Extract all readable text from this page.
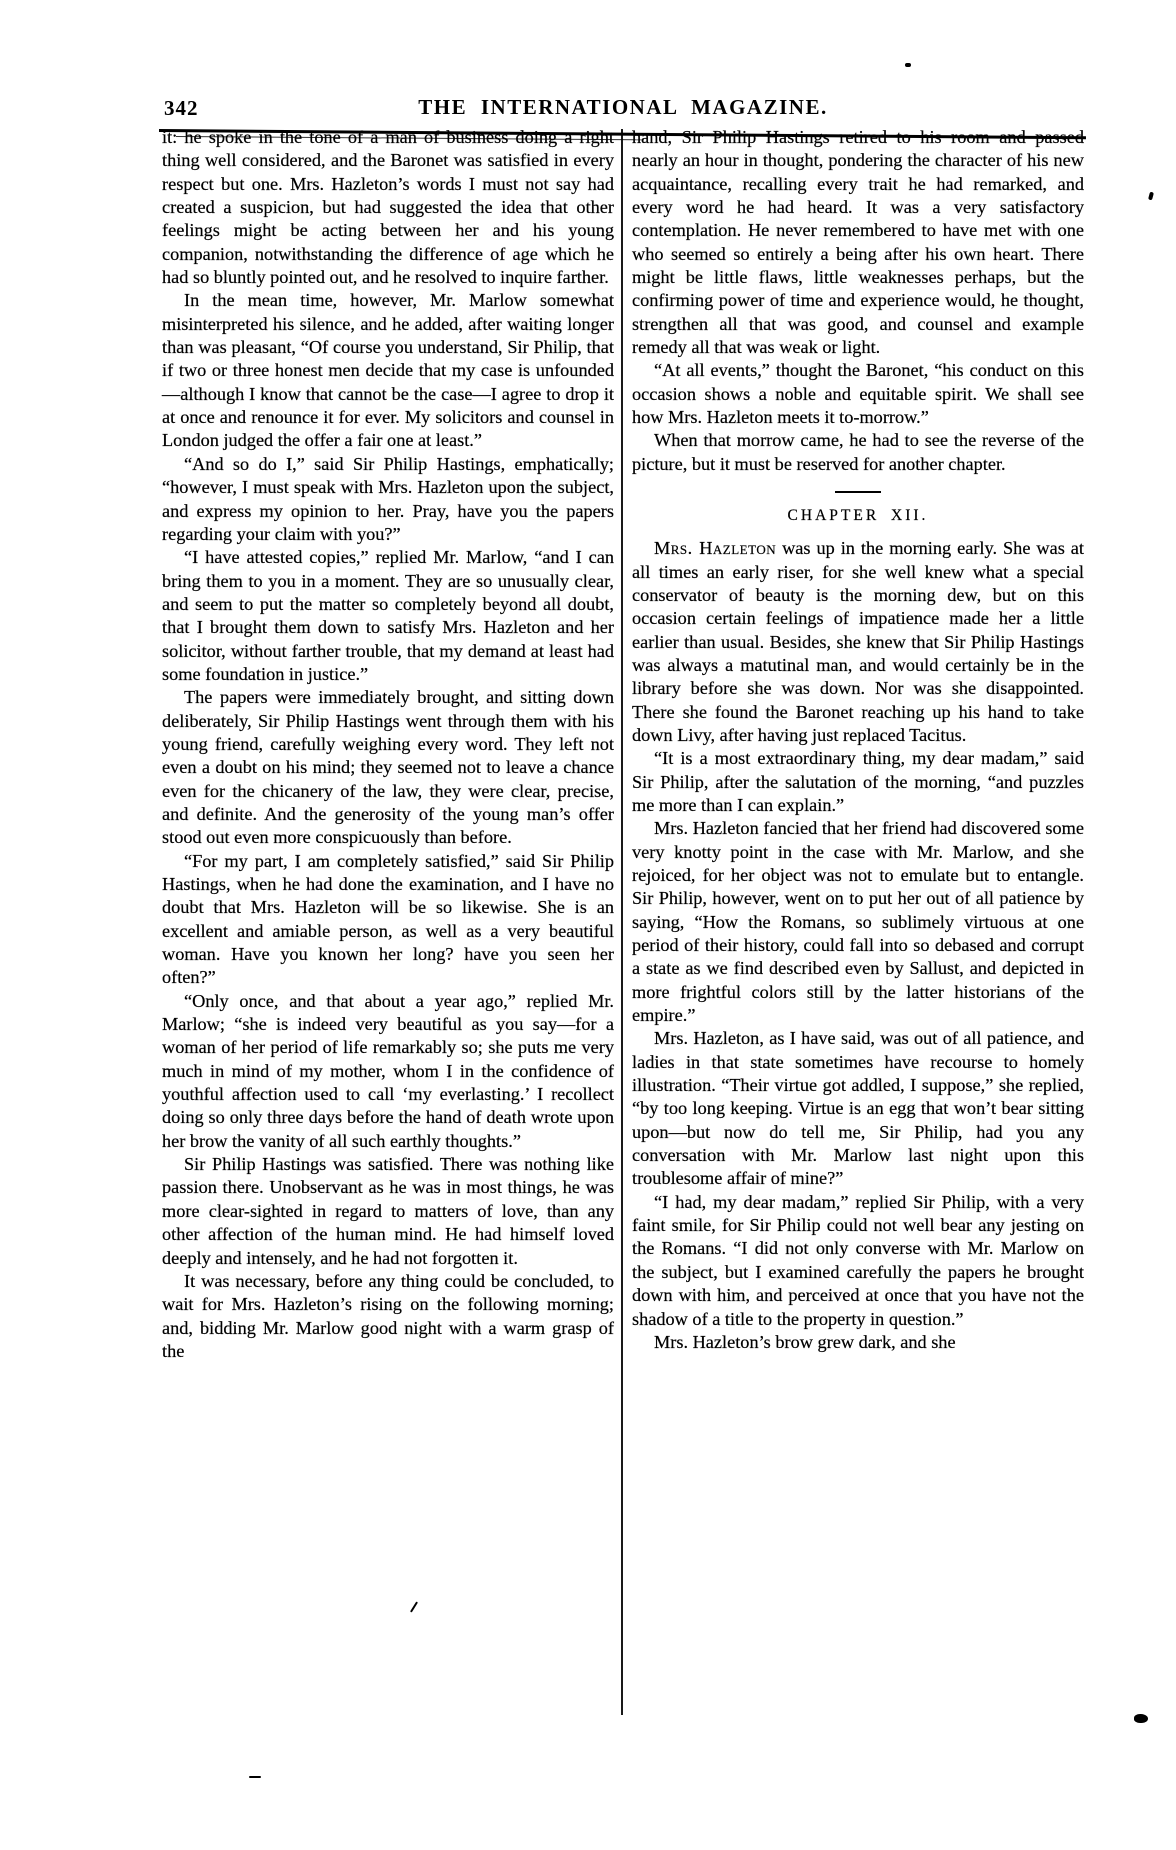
342	THE INTERNATIONAL MAGAZINE.

it: he spoke in the tone of a man of business doing a right thing well considered, and the Baronet was satisfied in every respect but one. Mrs. Hazleton’s words I must not say had created a suspicion, but had suggested the idea that other feelings might be acting between her and his young companion, notwithstanding the difference of age which he had so bluntly pointed out, and he resolved to inquire farther.

In the mean time, however, Mr. Marlow somewhat misinterpreted his silence, and he added, after waiting longer than was pleasant, “Of course you understand, Sir Philip, that if two or three honest men decide that my case is unfounded—although I know that cannot be the case—I agree to drop it at once and renounce it for ever. My solicitors and counsel in London judged the offer a fair one at least.”

“And so do I,” said Sir Philip Hastings, emphatically; “however, I must speak with Mrs. Hazleton upon the subject, and express my opinion to her. Pray, have you the papers regarding your claim with you?”

“I have attested copies,” replied Mr. Marlow, “and I can bring them to you in a moment. They are so unusually clear, and seem to put the matter so completely beyond all doubt, that I brought them down to satisfy Mrs. Hazleton and her solicitor, without farther trouble, that my demand at least had some foundation in justice.”

The papers were immediately brought, and sitting down deliberately, Sir Philip Hastings went through them with his young friend, carefully weighing every word. They left not even a doubt on his mind; they seemed not to leave a chance even for the chicanery of the law, they were clear, precise, and definite. And the generosity of the young man’s offer stood out even more conspicuously than before.

“For my part, I am completely satisfied,” said Sir Philip Hastings, when he had done the examination, and I have no doubt that Mrs. Hazleton will be so likewise. She is an excellent and amiable person, as well as a very beautiful woman. Have you known her long? have you seen her often?”

“Only once, and that about a year ago,” replied Mr. Marlow; “she is indeed very beautiful as you say—for a woman of her period of life remarkably so; she puts me very much in mind of my mother, whom I in the confidence of youthful affection used to call ‘my everlasting.’ I recollect doing so only three days before the hand of death wrote upon her brow the vanity of all such earthly thoughts.”

Sir Philip Hastings was satisfied. There was nothing like passion there. Unobservant as he was in most things, he was more clear-sighted in regard to matters of love, than any other affection of the human mind. He had himself loved deeply and intensely, and he had not forgotten it.

It was necessary, before any thing could be concluded, to wait for Mrs. Hazleton’s rising on the following morning; and, bidding Mr. Marlow good night with a warm grasp of the

hand, Sir Philip Hastings retired to his room and passed nearly an hour in thought, pondering the character of his new acquaintance, recalling every trait he had remarked, and every word he had heard. It was a very satisfactory contemplation. He never remembered to have met with one who seemed so entirely a being after his own heart. There might be little flaws, little weaknesses perhaps, but the confirming power of time and experience would, he thought, strengthen all that was good, and counsel and example remedy all that was weak or light.

“At all events,” thought the Baronet, “his conduct on this occasion shows a noble and equitable spirit. We shall see how Mrs. Hazleton meets it to-morrow.”

When that morrow came, he had to see the reverse of the picture, but it must be reserved for another chapter.

CHAPTER XII.

Mrs. Hazleton was up in the morning early. She was at all times an early riser, for she well knew what a special conservator of beauty is the morning dew, but on this occasion certain feelings of impatience made her a little earlier than usual. Besides, she knew that Sir Philip Hastings was always a matutinal man, and would certainly be in the library before she was down. Nor was she disappointed. There she found the Baronet reaching up his hand to take down Livy, after having just replaced Tacitus.

“It is a most extraordinary thing, my dear madam,” said Sir Philip, after the salutation of the morning, “and puzzles me more than I can explain.”

Mrs. Hazleton fancied that her friend had discovered some very knotty point in the case with Mr. Marlow, and she rejoiced, for her object was not to emulate but to entangle. Sir Philip, however, went on to put her out of all patience by saying, “How the Romans, so sublimely virtuous at one period of their history, could fall into so debased and corrupt a state as we find described even by Sallust, and depicted in more frightful colors still by the latter historians of the empire.”

Mrs. Hazleton, as I have said, was out of all patience, and ladies in that state sometimes have recourse to homely illustration. “Their virtue got addled, I suppose,” she replied, “by too long keeping. Virtue is an egg that won’t bear sitting upon—but now do tell me, Sir Philip, had you any conversation with Mr. Marlow last night upon this troublesome affair of mine?”

“I had, my dear madam,” replied Sir Philip, with a very faint smile, for Sir Philip could not well bear any jesting on the Romans. “I did not only converse with Mr. Marlow on the subject, but I examined carefully the papers he brought down with him, and perceived at once that you have not the shadow of a title to the property in question.”

Mrs. Hazleton’s brow grew dark, and she
